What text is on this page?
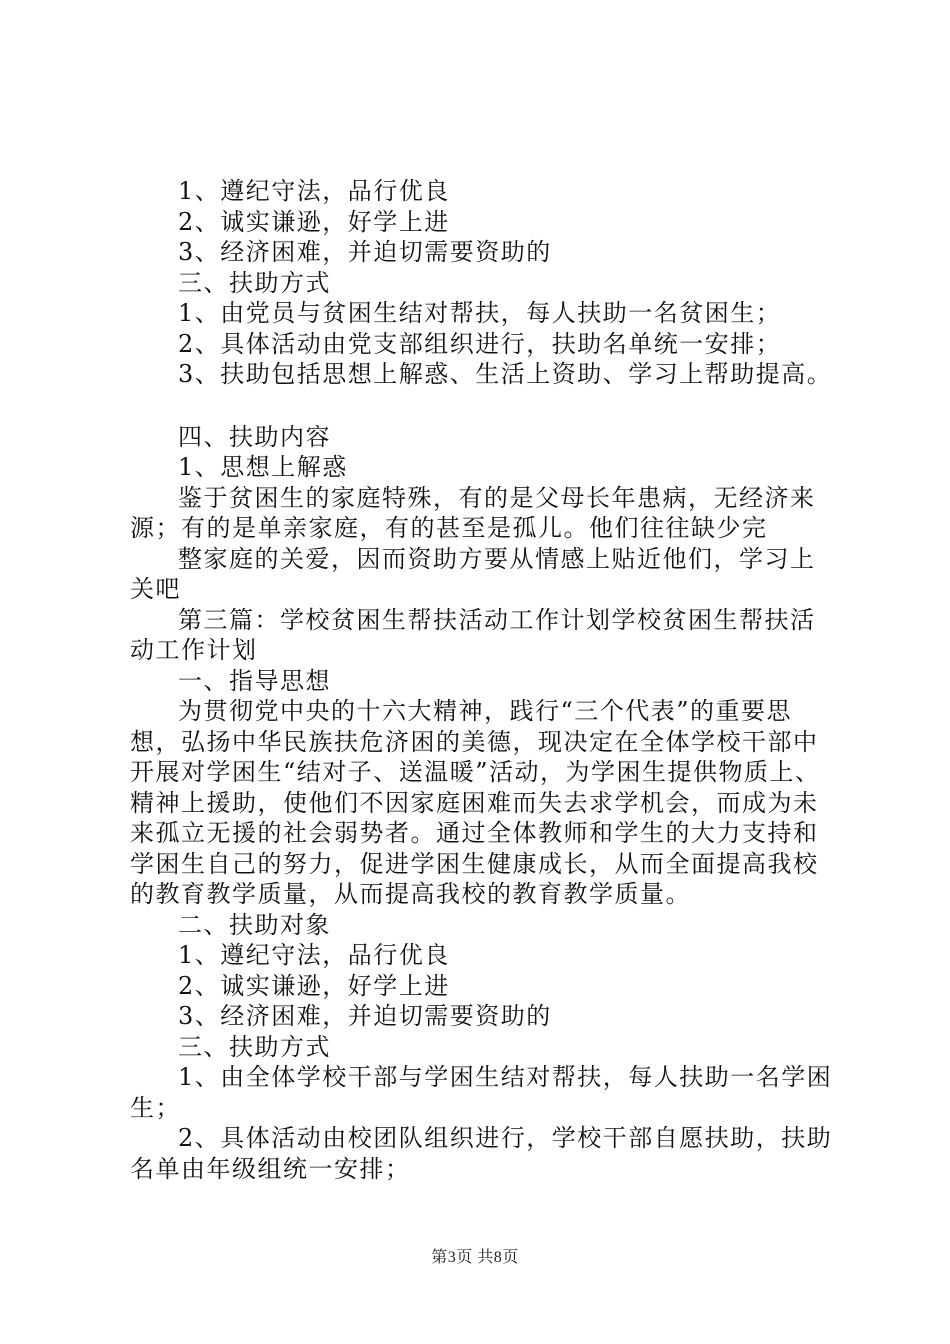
1、遵纪守法，品行优良
2、诚实谦逊，好学上进
3、经济困难，并迫切需要资助的
三、扶助方式
1、由党员与贫困生结对帮扶，每人扶助一名贫困生；
2、具体活动由党支部组织进行，扶助名单统一安排；
3、扶助包括思想上解惑、生活上资助、学习上帮助提高。
四、扶助内容
1、思想上解惑
鉴于贫困生的家庭特殊，有的是父母长年患病，无经济来
源；有的是单亲家庭，有的甚至是孤儿。他们往往缺少完
整家庭的关爱，因而资助方要从情感上贴近他们，学习上
关吧
第三篇：学校贫困生帮扶活动工作计划学校贫困生帮扶活
动工作计划
一、指导思想
为贯彻党中央的十六大精神，践行“三个代表”的重要思
想，弘扬中华民族扶危济困的美德，现决定在全体学校干部中
开展对学困生“结对子、送温暖”活动，为学困生提供物质上、
精神上援助，使他们不因家庭困难而失去求学机会，而成为未
来孤立无援的社会弱势者。通过全体教师和学生的大力支持和
学困生自己的努力，促进学困生健康成长，从而全面提高我校
的教育教学质量，从而提高我校的教育教学质量。
二、扶助对象
1、遵纪守法，品行优良
2、诚实谦逊，好学上进
3、经济困难，并迫切需要资助的
三、扶助方式
1、由全体学校干部与学困生结对帮扶，每人扶助一名学困
生；
2、具体活动由校团队组织进行，学校干部自愿扶助，扶助
名单由年级组统一安排；
第3页 共8页
